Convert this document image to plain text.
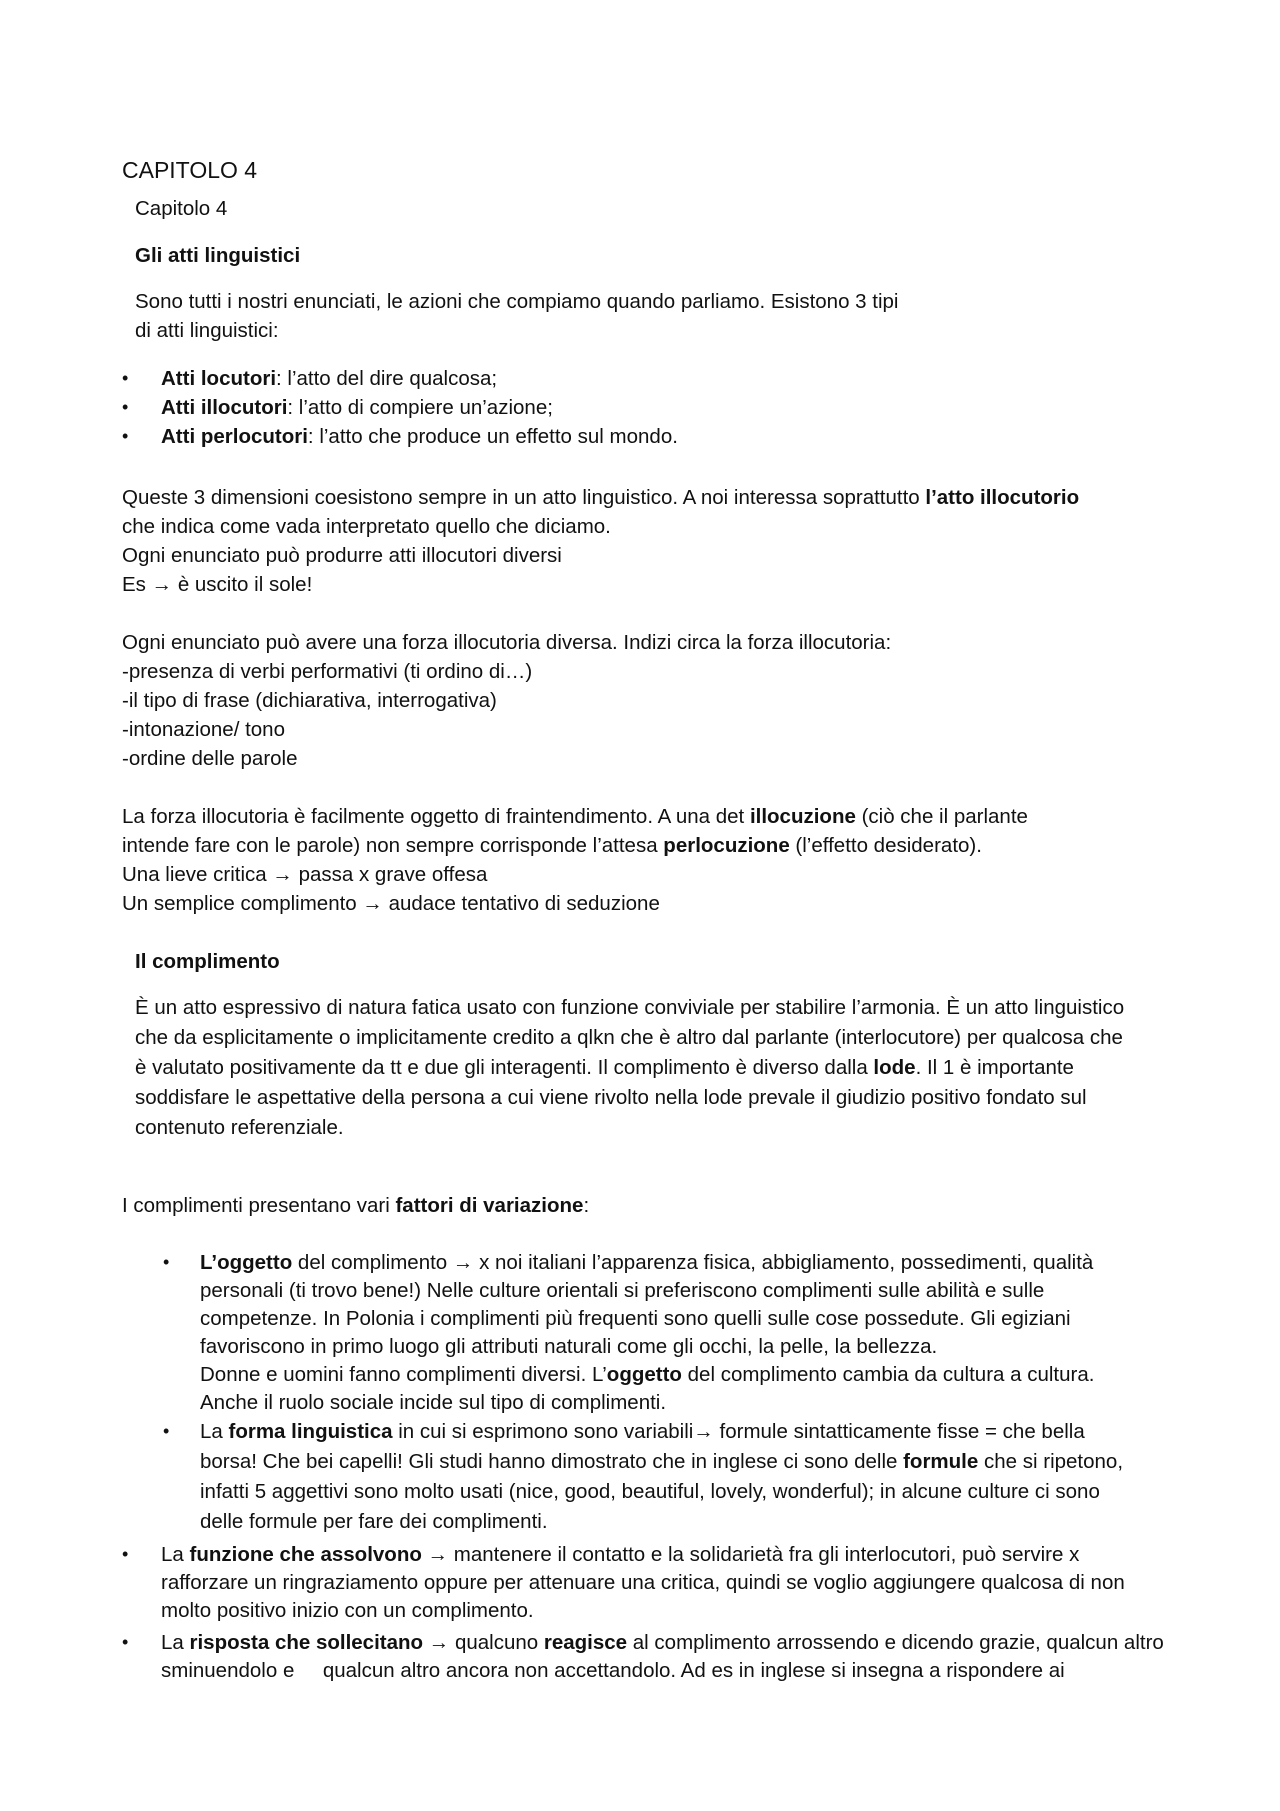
CAPITOLO 4

Capitolo 4

Gli atti linguistici

Sono tutti i nostri enunciati, le azioni che compiamo quando parliamo. Esistono 3 tipi

di atti linguistici:

• Atti locutori: l’atto del dire qualcosa;
• Atti illocutori: l’atto di compiere un’azione;
• Atti perlocutori: l’atto che produce un effetto sul mondo.

Queste 3 dimensioni coesistono sempre in un atto linguistico. A noi interessa soprattutto l’atto illocutorio

che indica come vada interpretato quello che diciamo.

Ogni enunciato può produrre atti illocutori diversi

Es → è uscito il sole!

Ogni enunciato può avere una forza illocutoria diversa. Indizi circa la forza illocutoria:

-presenza di verbi performativi (ti ordino di…)

-il tipo di frase (dichiarativa, interrogativa)

-intonazione/ tono

-ordine delle parole

La forza illocutoria è facilmente oggetto di fraintendimento. A una det illocuzione (ciò che il parlante

intende fare con le parole) non sempre corrisponde l’attesa perlocuzione (l’effetto desiderato).

Una lieve critica → passa x grave offesa

Un semplice complimento → audace tentativo di seduzione

Il complimento

È un atto espressivo di natura fatica usato con funzione conviviale per stabilire l’armonia. È un atto linguistico

che da esplicitamente o implicitamente credito a qlkn che è altro dal parlante (interlocutore) per qualcosa che

è valutato positivamente da tt e due gli interagenti. Il complimento è diverso dalla lode. Il 1 è importante

soddisfare le aspettative della persona a cui viene rivolto nella lode prevale il giudizio positivo fondato sul

contenuto referenziale.

I complimenti presentano vari fattori di variazione:

• L’oggetto del complimento → x noi italiani l’apparenza fisica, abbigliamento, possedimenti, qualità

personali (ti trovo bene!) Nelle culture orientali si preferiscono complimenti sulle abilità e sulle

competenze. In Polonia i complimenti più frequenti sono quelli sulle cose possedute. Gli egiziani

favoriscono in primo luogo gli attributi naturali come gli occhi, la pelle, la bellezza.

Donne e uomini fanno complimenti diversi. L’oggetto del complimento cambia da cultura a cultura.

Anche il ruolo sociale incide sul tipo di complimenti.

• La forma linguistica in cui si esprimono sono variabili→ formule sintatticamente fisse = che bella

borsa! Che bei capelli! Gli studi hanno dimostrato che in inglese ci sono delle formule che si ripetono,

infatti 5 aggettivi sono molto usati (nice, good, beautiful, lovely, wonderful); in alcune culture ci sono

delle formule per fare dei complimenti.

• La funzione che assolvono → mantenere il contatto e la solidarietà fra gli interlocutori, può servire x

rafforzare un ringraziamento oppure per attenuare una critica, quindi se voglio aggiungere qualcosa di non

molto positivo inizio con un complimento.

• La risposta che sollecitano → qualcuno reagisce al complimento arrossendo e dicendo grazie, qualcun altro

sminuendolo e     qualcun altro ancora non accettandolo. Ad es in inglese si insegna a rispondere ai
